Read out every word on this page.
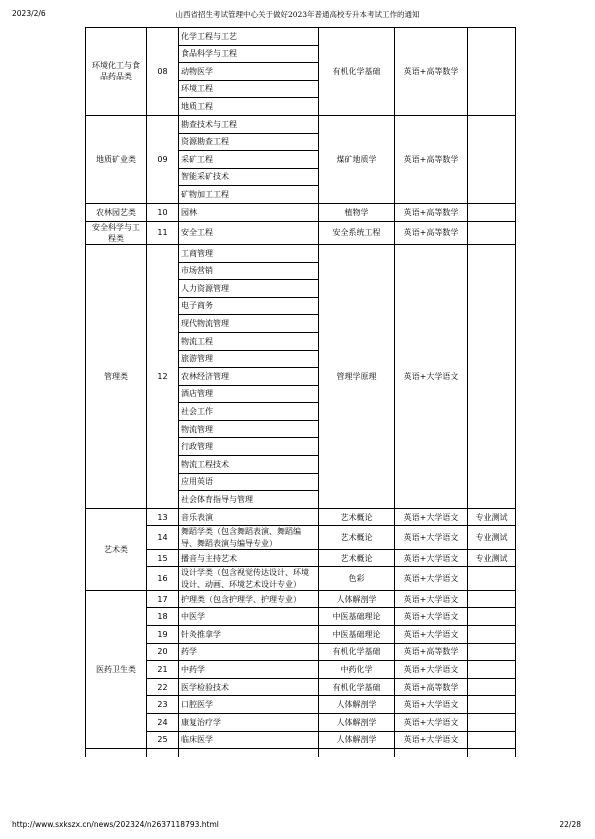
2023/2/6	山西省招生考试管理中心关于做好2023年普通高校专升本考试工作的通知
环境化工与食品药品类	08	化学工程与工艺	有机化学基础	英语+高等数学	
		食品科学与工程			
		动物医学			
		环境工程			
		地质工程			
地质矿业类	09	勘查技术与工程	煤矿地质学	英语+高等数学	
		资源勘查工程			
		采矿工程			
		智能采矿技术			
		矿物加工工程			
农林园艺类	10	园林	植物学	英语+高等数学	
安全科学与工程类	11	安全工程	安全系统工程	英语+高等数学	
管理类	12	工商管理	管理学原理	英语+大学语文	
		市场营销			
		人力资源管理			
		电子商务			
		现代物流管理			
		物流工程			
		旅游管理			
		农林经济管理			
		酒店管理			
		社会工作			
		物流管理			
		行政管理			
		物流工程技术			
		应用英语			
		社会体育指导与管理			
艺术类	13	音乐表演	艺术概论	英语+大学语文	专业测试
	14	舞蹈学类（包含舞蹈表演、舞蹈编导、舞蹈表演与编导专业）	艺术概论	英语+大学语文	专业测试
	15	播音与主持艺术	艺术概论	英语+大学语文	专业测试
	16	设计学类（包含视觉传达设计、环境设计、动画、环境艺术设计专业）	色彩	英语+大学语文	
医药卫生类	17	护理类（包含护理学、护理专业）	人体解剖学	英语+大学语文	
	18	中医学	中医基础理论	英语+大学语文	
	19	针灸推拿学	中医基础理论	英语+大学语文	
	20	药学	有机化学基础	英语+高等数学	
	21	中药学	中药化学	英语+大学语文	
	22	医学检验技术	有机化学基础	英语+高等数学	
	23	口腔医学	人体解剖学	英语+大学语文	
	24	康复治疗学	人体解剖学	英语+大学语文	
	25	临床医学	人体解剖学	英语+大学语文	

http://www.sxkszx.cn/news/202324/n2637118793.html	22/28
